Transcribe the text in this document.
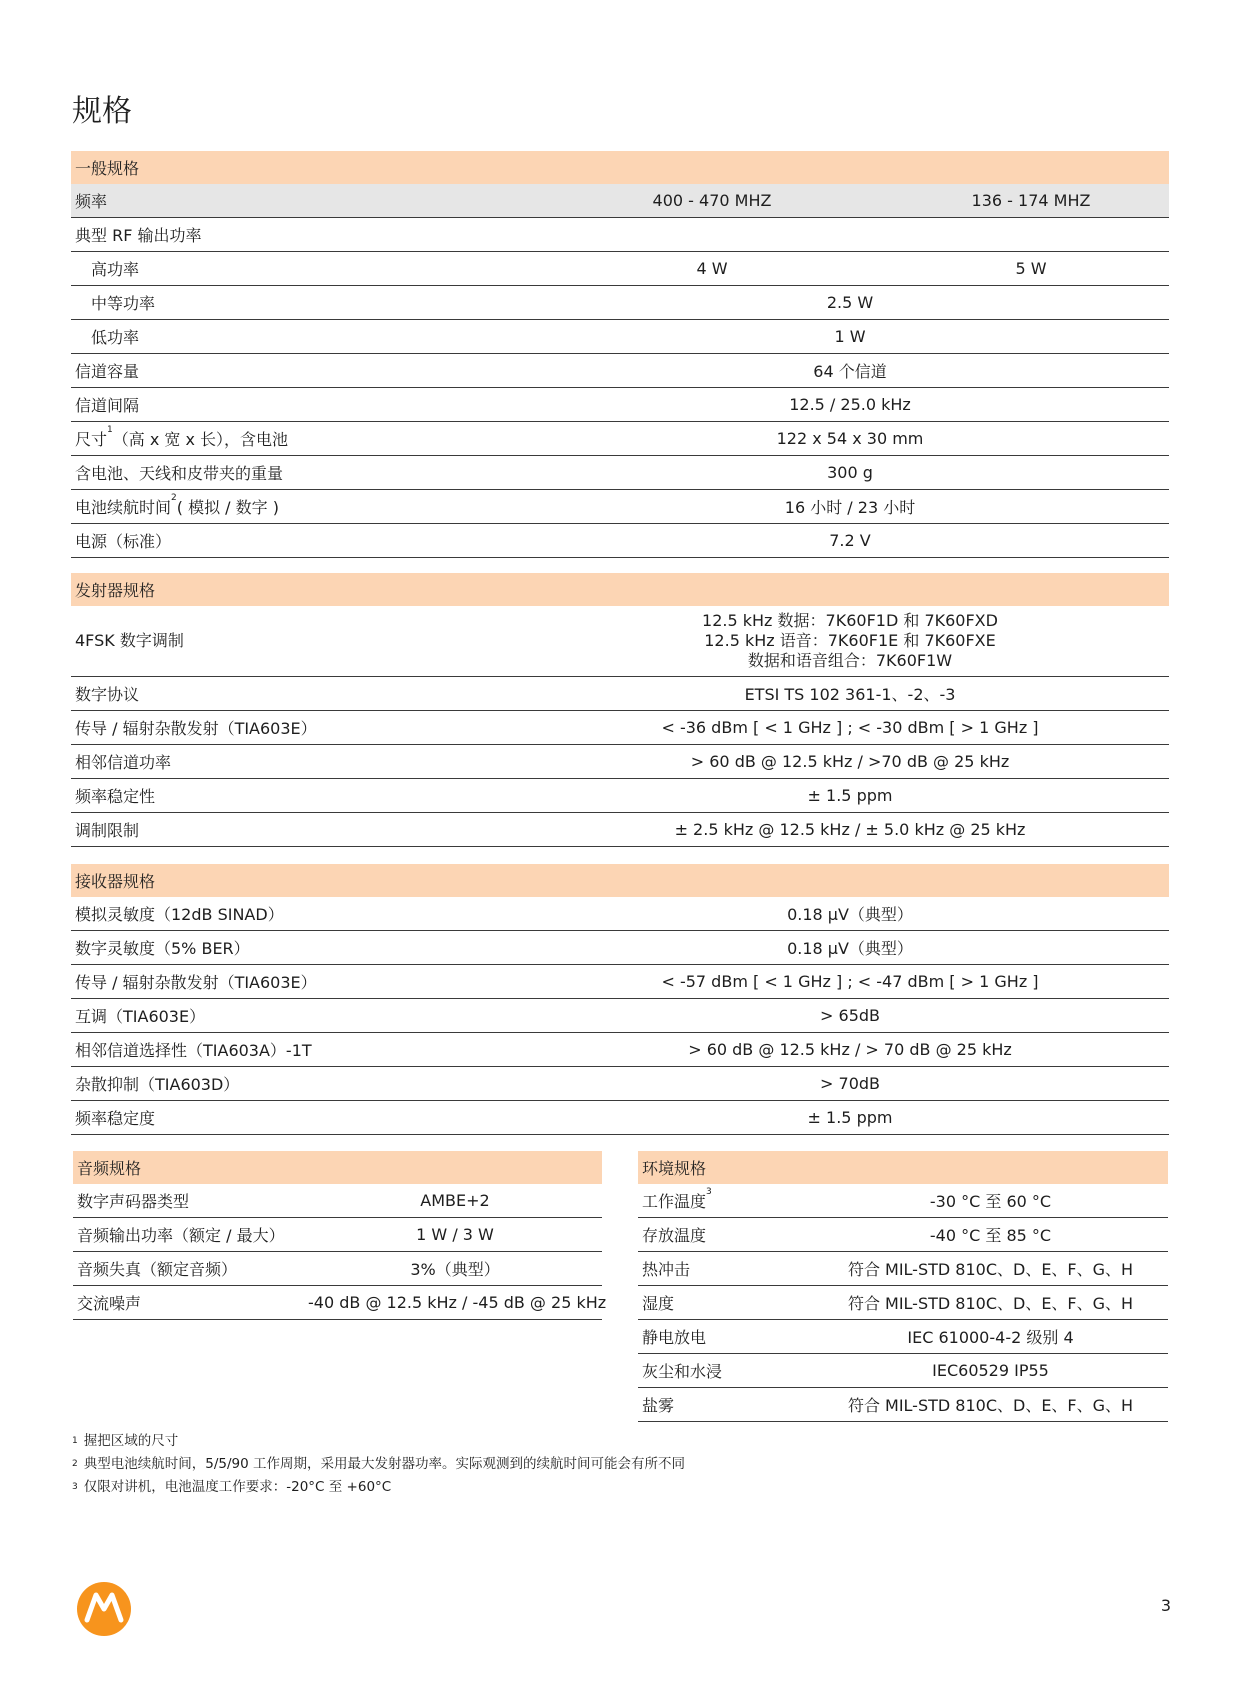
规格
一般规格		
频率	400 - 470 MHZ	136 - 174 MHZ
典型 RF 输出功率		
高功率	4 W	5 W
中等功率	2.5 W	
低功率	1 W	
信道容量	64 个信道	
信道间隔	12.5 / 25.0 kHz	
尺寸$^1$（高 x 宽 x 长），含电池	122 x 54 x 30 mm	
含电池、天线和皮带夹的重量	300 g	
电池续航时间$^2$( 模拟 / 数字 )	16 小时 / 23 小时	
电源（标准）	7.2 V	
发射器规格	
4FSK 数字调制	12.5 kHz 数据：7K60F1D 和 7K60FXD
12.5 kHz 语音：7K60F1E 和 7K60FXE
数据和语音组合：7K60F1W

数字协议	ETSI TS 102 361-1、-2、-3
传导 / 辐射杂散发射（TIA603E）	< -36 dBm [ < 1 GHz ] ; < -30 dBm [ > 1 GHz ]
相邻信道功率	> 60 dB @ 12.5 kHz / >70 dB @ 25 kHz
频率稳定性	± 1.5 ppm
调制限制	± 2.5 kHz @ 12.5 kHz / ± 5.0 kHz @ 25 kHz
接收器规格	
模拟灵敏度（12dB SINAD）	0.18 μV（典型）
数字灵敏度（5% BER）	0.18 μV（典型）
传导 / 辐射杂散发射（TIA603E）	< -57 dBm [ < 1 GHz ] ; < -47 dBm [ > 1 GHz ]
互调（TIA603E）	> 65dB
相邻信道选择性（TIA603A）-1T	> 60 dB @ 12.5 kHz / > 70 dB @ 25 kHz
杂散抑制（TIA603D）	> 70dB
频率稳定度	± 1.5 ppm
音频规格	
数字声码器类型	AMBE+2
音频输出功率（额定 / 最大）	1 W / 3 W
音频失真（额定音频）	3%（典型）
交流噪声	-40 dB @ 12.5 kHz / -45 dB @ 25 kHz
环境规格	
工作温度$^3$	-30 °C 至 60 °C
存放温度	-40 °C 至 85 °C
热冲击	符合 MIL-STD 810C、D、E、F、G、H
湿度	符合 MIL-STD 810C、D、E、F、G、H
静电放电	IEC 61000-4-2 级别 4
灰尘和水浸	IEC60529 IP55
盐雾	符合 MIL-STD 810C、D、E、F、G、H
$^1$ 握把区域的尺寸
$^2$ 典型电池续航时间，5/5/90 工作周期，采用最大发射器功率。实际观测到的续航时间可能会有所不同
$^3$ 仅限对讲机，电池温度工作要求：-20°C 至 +60°C
3
